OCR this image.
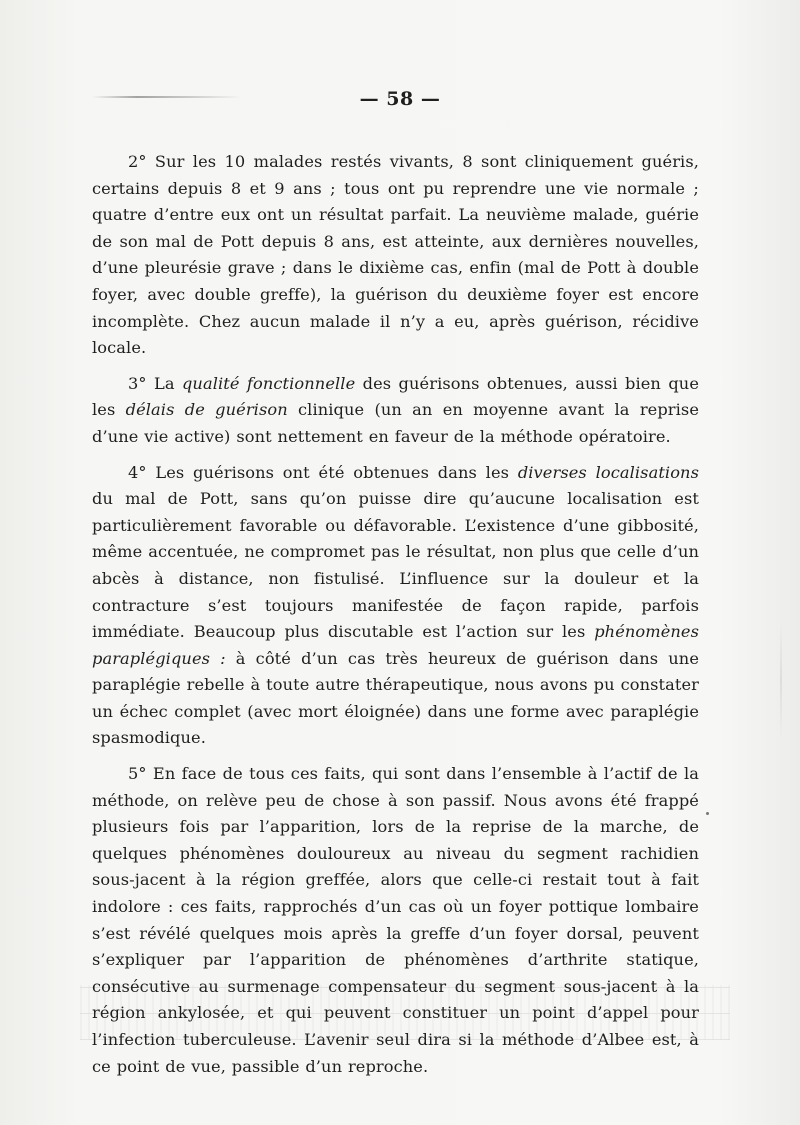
— 58 —

2° Sur les 10 malades restés vivants, 8 sont cliniquement guéris, certains depuis 8 et 9 ans ; tous ont pu reprendre une vie normale ; quatre d’entre eux ont un résultat parfait. La neuvième malade, guérie de son mal de Pott depuis 8 ans, est atteinte, aux dernières nouvelles, d’une pleurésie grave ; dans le dixième cas, enfin (mal de Pott à double foyer, avec double greffe), la guérison du deuxième foyer est encore incomplète. Chez aucun malade il n’y a eu, après guérison, récidive locale.

3° La qualité fonctionnelle des guérisons obtenues, aussi bien que les délais de guérison clinique (un an en moyenne avant la reprise d’une vie active) sont nettement en faveur de la méthode opératoire.

4° Les guérisons ont été obtenues dans les diverses localisations du mal de Pott, sans qu’on puisse dire qu’aucune localisation est particulièrement favorable ou défavorable. L’existence d’une gibbosité, même accentuée, ne compromet pas le résultat, non plus que celle d’un abcès à distance, non fistulisé. L’influence sur la douleur et la contracture s’est toujours manifestée de façon rapide, parfois immédiate. Beaucoup plus discutable est l’action sur les phénomènes paraplégiques : à côté d’un cas très heureux de guérison dans une paraplégie rebelle à toute autre thérapeutique, nous avons pu constater un échec complet (avec mort éloignée) dans une forme avec paraplégie spasmodique.

5° En face de tous ces faits, qui sont dans l’ensemble à l’actif de la méthode, on relève peu de chose à son passif. Nous avons été frappé plusieurs fois par l’apparition, lors de la reprise de la marche, de quelques phénomènes douloureux au niveau du segment rachidien sous-jacent à la région greffée, alors que celle-ci restait tout à fait indolore : ces faits, rapprochés d’un cas où un foyer pottique lombaire s’est révélé quelques mois après la greffe d’un foyer dorsal, peuvent s’expliquer par l’apparition de phénomènes d’arthrite statique, consécutive au surmenage compensateur du segment sous-jacent à la région ankylosée, et qui peuvent constituer un point d’appel pour l’infection tuberculeuse. L’avenir seul dira si la méthode d’Albee est, à ce point de vue, passible d’un reproche.
